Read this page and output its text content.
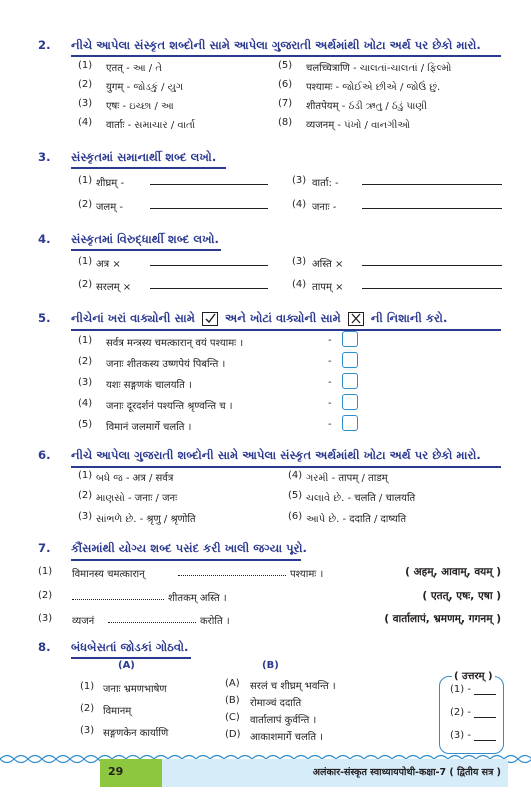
2. નીચે આપેલા સંસ્કૃત શબ્દોની સામે આપેલા ગુજરાતી અર્થમાંથી ખોટા અર્થ પર છેકો મારો.
(1) एतत् - આ / તે	(5) चलच्चित्राणि - ચાલતાં-ચાલતાં / ફિલ્મો
(2) युगम् - જોડકું / યુગ	(6) पश्यामः - જોઈએ છીએ / જોઉં છું.
(3) एषः - ઇચ્છા / આ	(7) शीतपेयम् - ઠંડી ઋતુ / ઠંડું પાણી
(4) वार्ताः - સમાચાર / વાર્તા	(8) व्यजनम् - પંખો / વાનગીઓ
3. સંસ્કૃતમાં સમાનાર્થી શબ્દ લખો.
(1) शीघ्रम् -	(3) वार्ता: -
(2) जलम् -	(4) जनाः -
4. સંસ્કૃતમાં વિરુદ્ધાર્થી શબ્દ લખો.
(1) अत्र ×	(3) अस्ति ×
(2) सरलम् ×	(4) तापम् ×
5. નીચેનાં ખરાં વાક્યોની સામે	અને ખોટાં વાક્યોની સામે ☒ ની નિશાની કરો.
(1) सर्वत्र मन्त्रस्य चमत्कारान् वयं पश्यामः ।	-
(2) जनाः शीतकस्य उष्णपेयं पिबन्ति ।	-
(3) यशः सङ्गणकं चालयति ।	-
(4) जनाः दूरदर्शनं पश्यन्ति श्रृण्वन्ति च ।	-
(5) विमानं जलमार्गे चलति ।	-
6. નીચે આપેલા ગુજરાતી શબ્દોની સામે આપેલા સંસ્કૃત અર્થમાંથી ખોટા અર્થ પર છેકો મારો.
(1) બધે જ - अत्र / सर्वत्र	(4) ગરમી - तापम् / ताडम्
(2) માણસો - जनाः / जनः	(5) ચલાવે છે. - चलति / चालयति
(3) સાંભળે છે. - श्रृणु / श्रृणोति	(6) આપે છે. - ददाति / दाष्यति
7. કૌંસમાંથી યોગ્ય શબ્દ પસંદ કરી ખાલી જગ્યા પૂરો.
(1) विमानस्य चमत्कारान्	पश्यामः ।	( अहम्, आवाम्, वयम् )
(2)	शीतकम् अस्ति ।	( एतत्, एषः, एषा )
(3) व्यजनं	करोति ।	( वार्तालापं, भ्रमणम्, गगनम् )
8. બંધબેસતાં જોડકાં ગોઠવો.
(A)	(B)
(1) जनाः भ्रमणभाषेण
(2) विमानम्
(3) सङ्गणकेन कार्याणि
(A) सरलं च शीघ्रम् भवन्ति ।
(B) रोमाञ्चं ददाति
(C) वार्तालापं कुर्वन्ति ।
(D) आकाशमार्गे चलति ।
( उत्तरम् )
(1) -
(2) -
(3) -
29	अलंकार-संस्कृत स्वाध्यायपोथी-कक्षा-7 ( द्वितीय सत्र )
